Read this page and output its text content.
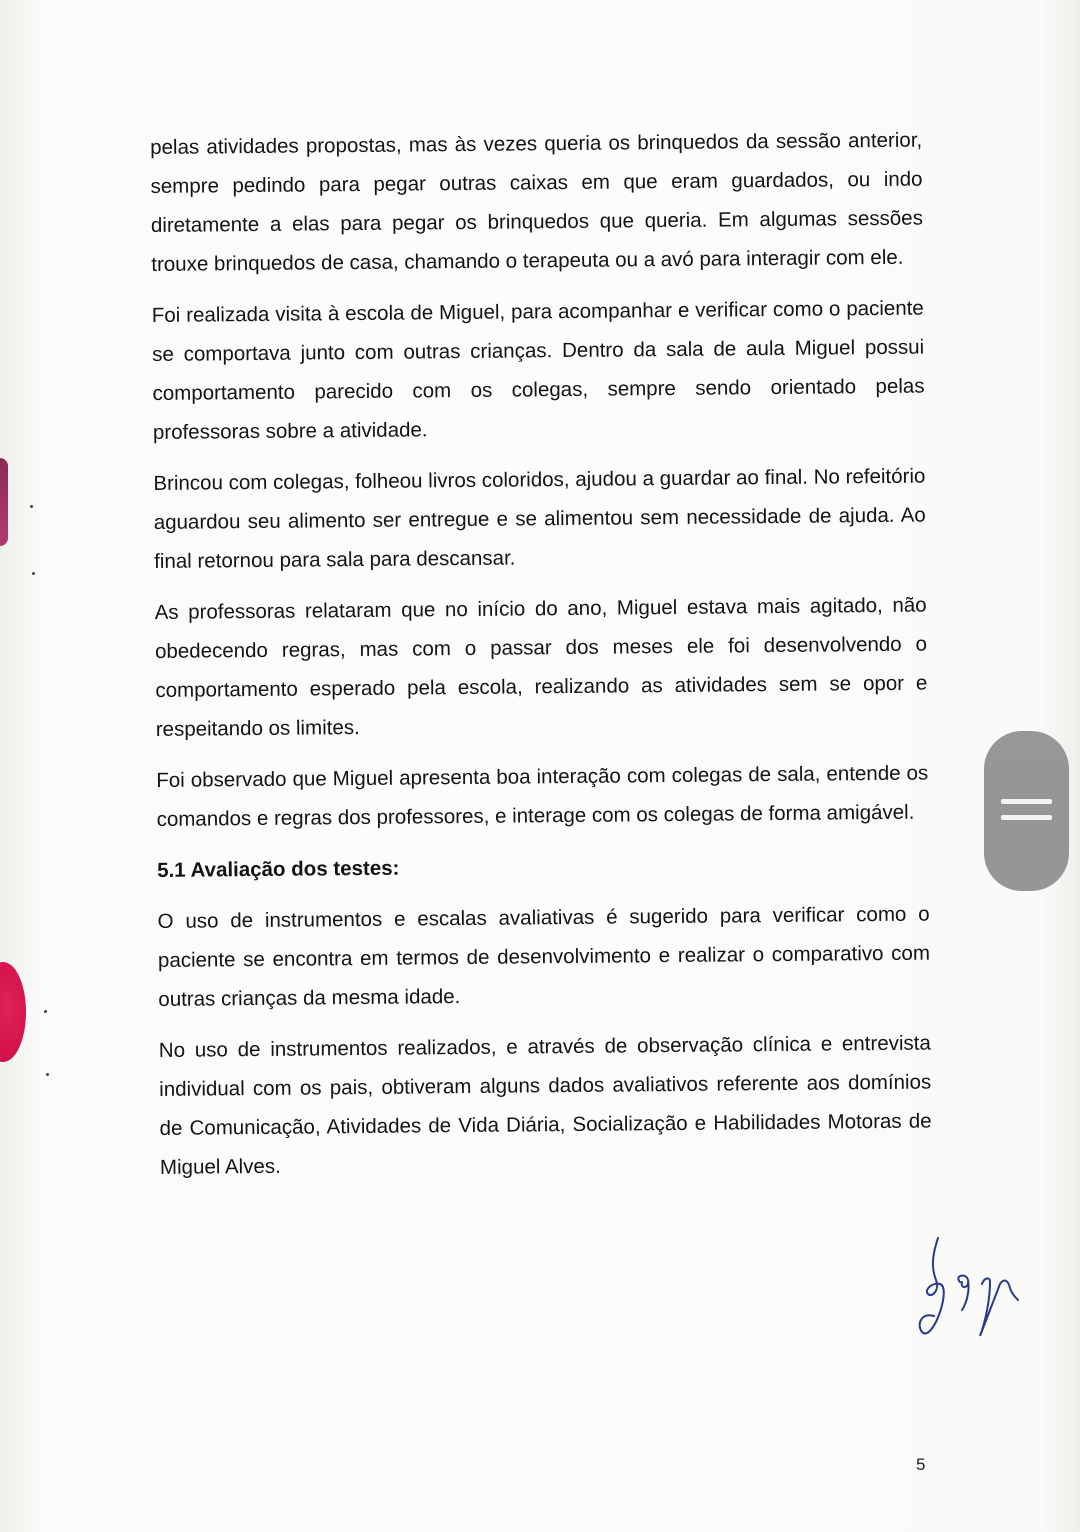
pelas atividades propostas, mas às vezes queria os brinquedos da sessão anterior, sempre pedindo para pegar outras caixas em que eram guardados, ou indo diretamente a elas para pegar os brinquedos que queria. Em algumas sessões trouxe brinquedos de casa, chamando o terapeuta ou a avó para interagir com ele.

Foi realizada visita à escola de Miguel, para acompanhar e verificar como o paciente se comportava junto com outras crianças. Dentro da sala de aula Miguel possui comportamento parecido com os colegas, sempre sendo orientado pelas professoras sobre a atividade.

Brincou com colegas, folheou livros coloridos, ajudou a guardar ao final. No refeitório aguardou seu alimento ser entregue e se alimentou sem necessidade de ajuda. Ao final retornou para sala para descansar.

As professoras relataram que no início do ano, Miguel estava mais agitado, não obedecendo regras, mas com o passar dos meses ele foi desenvolvendo o comportamento esperado pela escola, realizando as atividades sem se opor e respeitando os limites.

Foi observado que Miguel apresenta boa interação com colegas de sala, entende os comandos e regras dos professores, e interage com os colegas de forma amigável.

5.1 Avaliação dos testes:

O uso de instrumentos e escalas avaliativas é sugerido para verificar como o paciente se encontra em termos de desenvolvimento e realizar o comparativo com outras crianças da mesma idade.

No uso de instrumentos realizados, e através de observação clínica e entrevista individual com os pais, obtiveram alguns dados avaliativos referente aos domínios de Comunicação, Atividades de Vida Diária, Socialização e Habilidades Motoras de Miguel Alves.

5
